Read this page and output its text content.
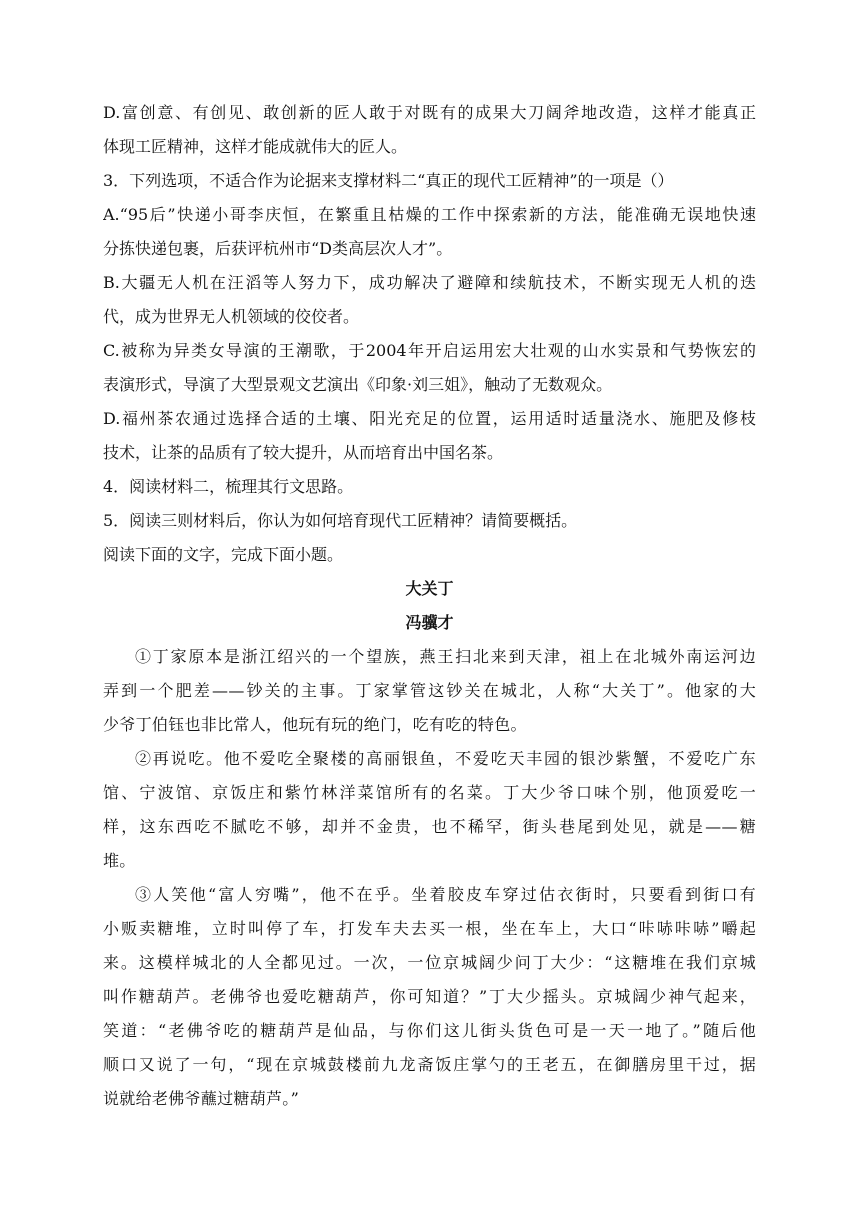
D.富创意、有创见、敢创新的匠人敢于对既有的成果大刀阔斧地改造，这样才能真正
体现工匠精神，这样才能成就伟大的匠人。
3．下列选项，不适合作为论据来支撑材料二“真正的现代工匠精神”的一项是（）
A.“95后”快递小哥李庆恒，在繁重且枯燥的工作中探索新的方法，能准确无误地快速
分拣快递包裹，后获评杭州市“D类高层次人才”。
B.大疆无人机在汪滔等人努力下，成功解决了避障和续航技术，不断实现无人机的迭
代，成为世界无人机领域的佼佼者。
C.被称为异类女导演的王潮歌，于2004年开启运用宏大壮观的山水实景和气势恢宏的
表演形式，导演了大型景观文艺演出《印象·刘三姐》，触动了无数观众。
D.福州茶农通过选择合适的土壤、阳光充足的位置，运用适时适量浇水、施肥及修枝
技术，让茶的品质有了较大提升，从而培育出中国名茶。
4．阅读材料二，梳理其行文思路。
5．阅读三则材料后，你认为如何培育现代工匠精神？请简要概括。
阅读下面的文字，完成下面小题。
大关丁
冯骥才
①丁家原本是浙江绍兴的一个望族，燕王扫北来到天津，祖上在北城外南运河边
弄到一个肥差——钞关的主事。丁家掌管这钞关在城北，人称“大关丁”。他家的大
少爷丁伯钰也非比常人，他玩有玩的绝门，吃有吃的特色。
②再说吃。他不爱吃全聚楼的高丽银鱼，不爱吃天丰园的银沙紫蟹，不爱吃广东
馆、宁波馆、京饭庄和紫竹林洋菜馆所有的名菜。丁大少爷口味个别，他顶爱吃一
样，这东西吃不腻吃不够，却并不金贵，也不稀罕，街头巷尾到处见，就是——糖
堆。
③人笑他“富人穷嘴”，他不在乎。坐着胶皮车穿过估衣街时，只要看到街口有
小贩卖糖堆，立时叫停了车，打发车夫去买一根，坐在车上，大口“咔哧咔哧”嚼起
来。这模样城北的人全都见过。一次，一位京城阔少问丁大少：“这糖堆在我们京城
叫作糖葫芦。老佛爷也爱吃糖葫芦，你可知道？”丁大少摇头。京城阔少神气起来，
笑道：“老佛爷吃的糖葫芦是仙品，与你们这儿街头货色可是一天一地了。”随后他
顺口又说了一句，“现在京城鼓楼前九龙斋饭庄掌勺的王老五，在御膳房里干过，据
说就给老佛爷蘸过糖葫芦。”
